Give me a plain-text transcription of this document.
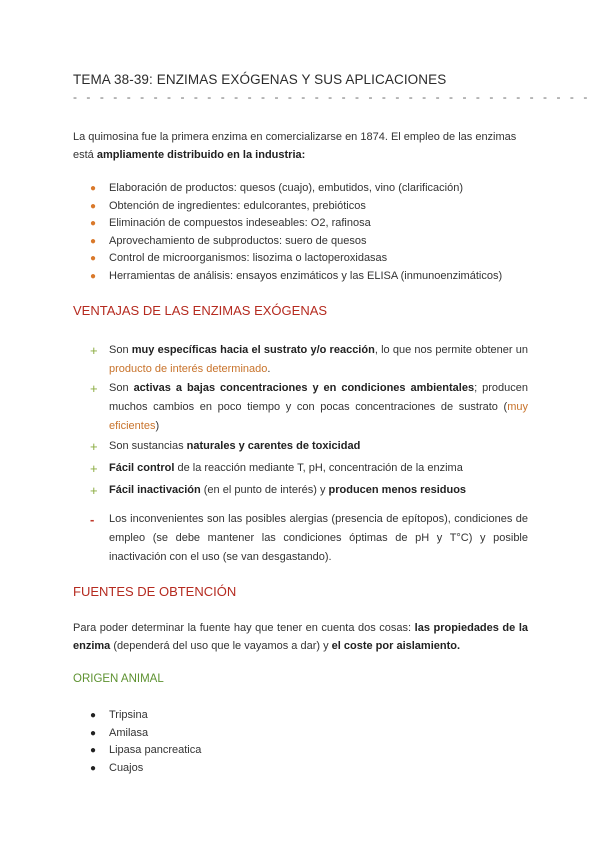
TEMA 38-39: ENZIMAS EXÓGENAS Y SUS APLICACIONES
- - - - - - - - - - - - - - - - - - - - - - - - - - - - - - - - - - - - - - -
La quimosina fue la primera enzima en comercializarse en 1874. El empleo de las enzimas está ampliamente distribuido en la industria:
● Elaboración de productos: quesos (cuajo), embutidos, vino (clarificación)
● Obtención de ingredientes: edulcorantes, prebióticos
● Eliminación de compuestos indeseables: O2, rafinosa
● Aprovechamiento de subproductos: suero de quesos
● Control de microorganismos: lisozima o lactoperoxidasas
● Herramientas de análisis: ensayos enzimáticos y las ELISA (inmunoenzimáticos)
VENTAJAS DE LAS ENZIMAS EXÓGENAS
+	Son muy específicas hacia el sustrato y/o reacción, lo que nos permite obtener un producto de interés determinado.
+	Son activas a bajas concentraciones y en condiciones ambientales; producen muchos cambios en poco tiempo y con pocas concentraciones de sustrato (muy eficientes)
+	Son sustancias naturales y carentes de toxicidad
+	Fácil control de la reacción mediante T, pH, concentración de la enzima
+	Fácil inactivación (en el punto de interés) y producen menos residuos
-	Los inconvenientes son las posibles alergias (presencia de epítopos), condiciones de empleo (se debe mantener las condiciones óptimas de pH y T°C) y posible inactivación con el uso (se van desgastando).
FUENTES DE OBTENCIÓN
Para poder determinar la fuente hay que tener en cuenta dos cosas: las propiedades de la enzima (dependerá del uso que le vayamos a dar) y el coste por aislamiento.
ORIGEN ANIMAL
● Tripsina
● Amilasa
● Lipasa pancreatica
● Cuajos
